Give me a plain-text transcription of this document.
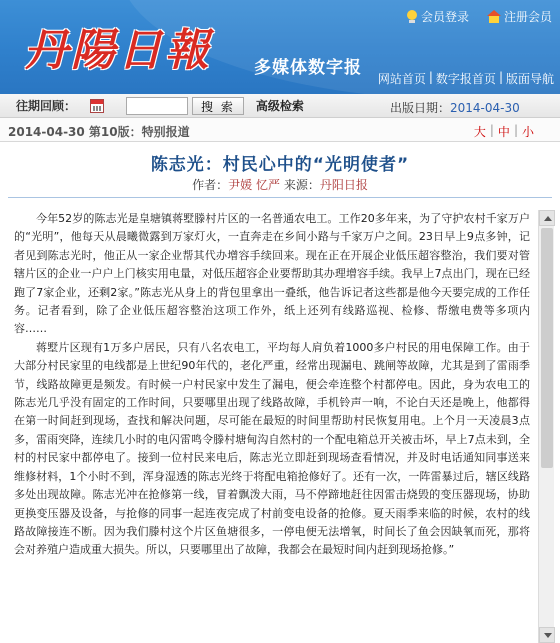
丹陽日報 多媒体数字报
会员登录	注册会员
网站首页 | 数字报首页 | 版面导航
往期回顾：	搜 索	高级检索	出版日期：2014-04-30
2014-04-30 第10版：特别报道	大 | 中 | 小
陈志光：村民心中的“光明使者”
作者：尹媛 忆严 来源：丹阳日报

今年52岁的陈志光是皇塘镇蒋墅滕村片区的一名普通农电工。工作20多年来，为了守护农村千家万户的“光明”，他每天从晨曦微露到万家灯火，一直奔走在乡间小路与千家万户之间。23日早上9点多钟，记者见到陈志光时，他正从一家企业帮其代办增容手续回来。现在正在开展企业低压超容整治，我们要对管辖片区的企业一户户上门核实用电量，对低压超容企业要帮助其办理增容手续。我早上7点出门，现在已经跑了7家企业，还剩2家。”陈志光从身上的背包里拿出一叠纸，他告诉记者这些都是他今天要完成的工作任务。记者看到，除了企业低压超容整治这项工作外，纸上还列有线路巡视、检修、帮缴电费等多项内容……

蒋墅片区现有1万多户居民，只有八名农电工，平均每人肩负着1000多户村民的用电保障工作。由于大部分村民家里的电线都是上世纪90年代的，老化严重，经常出现漏电、跳闸等故障，尤其是到了雷雨季节，线路故障更是频发。有时候一户村民家中发生了漏电，便会牵连整个村都停电。因此，身为农电工的陈志光几乎没有固定的工作时间，只要哪里出现了线路故障，手机铃声一响，不论白天还是晚上，他都得在第一时间赶到现场，查找和解决问题，尽可能在最短的时间里帮助村民恢复用电。上个月一天凌晨3点多，雷雨突降，连续几小时的电闪雷鸣令滕村塘甸沟自然村的一个配电箱总开关被击坏，早上7点未到，全村的村民家中都停电了。接到一位村民来电后，陈志光立即赶到现场查看情况，并及时电话通知同事送来维修材料，1个小时不到，浑身湿透的陈志光终于将配电箱抢修好了。还有一次，一阵雷暴过后，辖区线路多处出现故障。陈志光冲在抢修第一线，冒着飘泼大雨，马不停蹄地赶往因雷击烧毁的变压器现场，协助更换变压器及设备，与抢修的同事一起连夜完成了村前变电设备的抢修。夏天雨季来临的时候，农村的线路故障接连不断。因为我们滕村这个片区鱼塘很多，一停电便无法增氧，时间长了鱼会因缺氧而死，那将会对养殖户造成重大损失。所以，只要哪里出了故障，我都会在最短时间内赶到现场抢修。”
